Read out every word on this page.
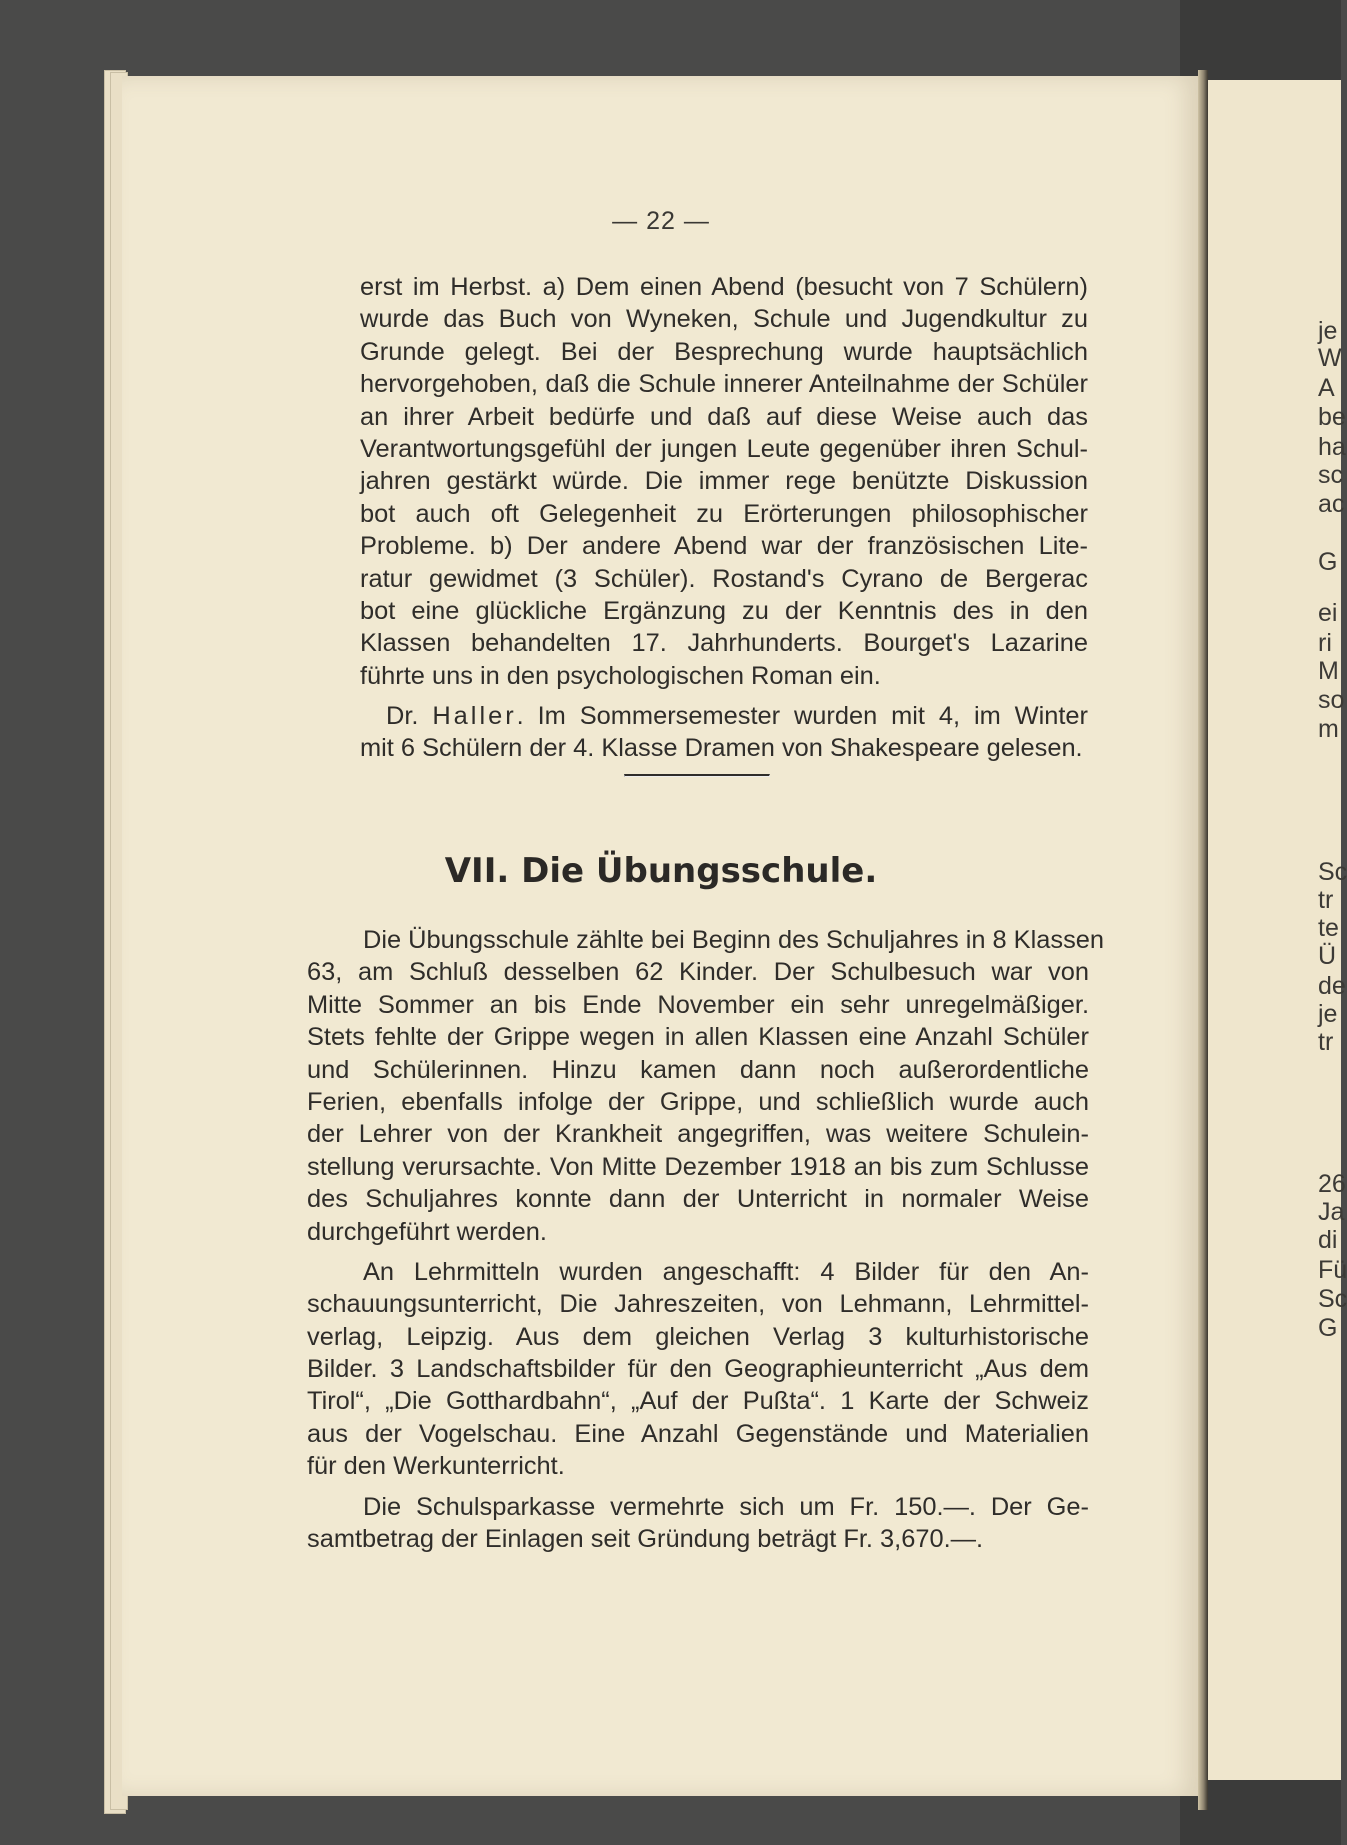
— 22 —

erst im Herbst. a) Dem einen Abend (besucht von 7 Schülern)
wurde das Buch von Wyneken, Schule und Jugendkultur zu
Grunde gelegt. Bei der Besprechung wurde hauptsächlich
hervorgehoben, daß die Schule innerer Anteilnahme der Schüler
an ihrer Arbeit bedürfe und daß auf diese Weise auch das
Verantwortungsgefühl der jungen Leute gegenüber ihren Schul-
jahren gestärkt würde. Die immer rege benützte Diskussion
bot auch oft Gelegenheit zu Erörterungen philosophischer
Probleme. b) Der andere Abend war der französischen Lite-
ratur gewidmet (3 Schüler). Rostand's Cyrano de Bergerac
bot eine glückliche Ergänzung zu der Kenntnis des in den
Klassen behandelten 17. Jahrhunderts. Bourget's Lazarine
führte uns in den psychologischen Roman ein.

Dr. Haller. Im Sommersemester wurden mit 4, im Winter
mit 6 Schülern der 4. Klasse Dramen von Shakespeare gelesen.

VII. Die Übungsschule.

Die Übungsschule zählte bei Beginn des Schuljahres in 8 Klassen
63, am Schluß desselben 62 Kinder. Der Schulbesuch war von
Mitte Sommer an bis Ende November ein sehr unregelmäßiger.
Stets fehlte der Grippe wegen in allen Klassen eine Anzahl Schüler
und Schülerinnen. Hinzu kamen dann noch außerordentliche
Ferien, ebenfalls infolge der Grippe, und schließlich wurde auch
der Lehrer von der Krankheit angegriffen, was weitere Schulein-
stellung verursachte. Von Mitte Dezember 1918 an bis zum Schlusse
des Schuljahres konnte dann der Unterricht in normaler Weise
durchgeführt werden.

An Lehrmitteln wurden angeschafft: 4 Bilder für den An-
schauungsunterricht, Die Jahreszeiten, von Lehmann, Lehrmittel-
verlag, Leipzig. Aus dem gleichen Verlag 3 kulturhistorische
Bilder. 3 Landschaftsbilder für den Geographieunterricht „Aus dem
Tirol“, „Die Gotthardbahn“, „Auf der Pußta“. 1 Karte der Schweiz
aus der Vogelschau. Eine Anzahl Gegenstände und Materialien
für den Werkunterricht.

Die Schulsparkasse vermehrte sich um Fr. 150.—. Der Ge-
samtbetrag der Einlagen seit Gründung beträgt Fr. 3,670.—.

je
W
A
be
ha
sc
ac
G
ei
ri
M
so
m
Sc
tr
te
Ü
de
je
tr
26
Ja
di
Fü
Sc
G
